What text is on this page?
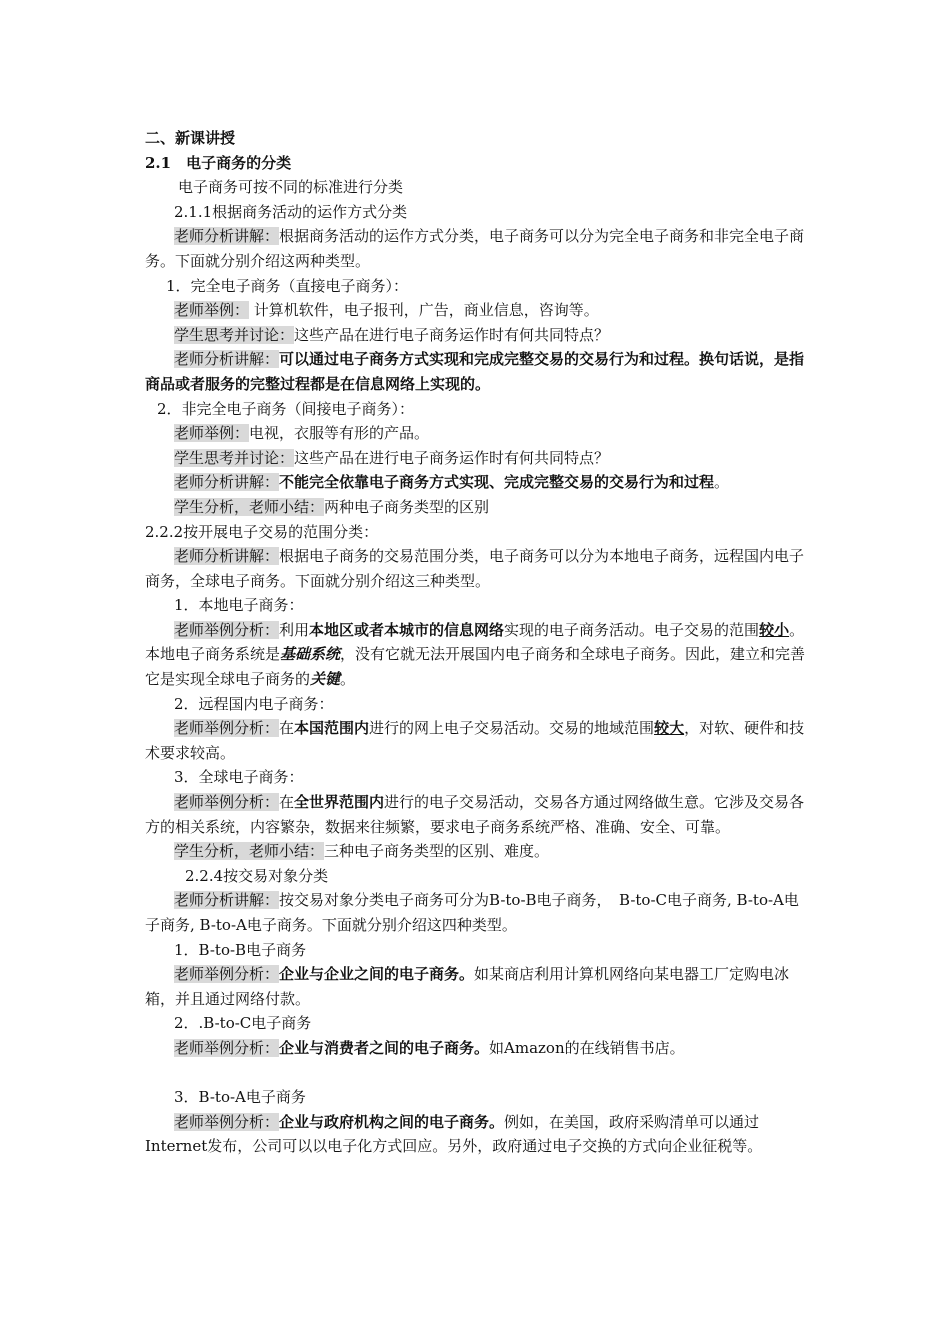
二、新课讲授

2.1　电子商务的分类

电子商务可按不同的标准进行分类

2.1.1根据商务活动的运作方式分类

老师分析讲解：根据商务活动的运作方式分类，电子商务可以分为完全电子商务和非完全电子商务。下面就分别介绍这两种类型。

1．完全电子商务（直接电子商务）：

老师举例： 计算机软件，电子报刊，广告，商业信息，咨询等。

学生思考并讨论：这些产品在进行电子商务运作时有何共同特点？

老师分析讲解：可以通过电子商务方式实现和完成完整交易的交易行为和过程。换句话说，是指商品或者服务的完整过程都是在信息网络上实现的。

2．非完全电子商务（间接电子商务）：

老师举例：电视，衣服等有形的产品。

学生思考并讨论：这些产品在进行电子商务运作时有何共同特点？

老师分析讲解：不能完全依靠电子商务方式实现、完成完整交易的交易行为和过程。

学生分析，老师小结：两种电子商务类型的区别

2.2.2按开展电子交易的范围分类：

老师分析讲解：根据电子商务的交易范围分类，电子商务可以分为本地电子商务，远程国内电子商务，全球电子商务。下面就分别介绍这三种类型。

1．本地电子商务：

老师举例分析：利用本地区或者本城市的信息网络实现的电子商务活动。电子交易的范围较小。本地电子商务系统是基础系统，没有它就无法开展国内电子商务和全球电子商务。因此，建立和完善它是实现全球电子商务的关键。

2．远程国内电子商务：

老师举例分析：在本国范围内进行的网上电子交易活动。交易的地域范围较大，对软、硬件和技术要求较高。

3．全球电子商务：

老师举例分析：在全世界范围内进行的电子交易活动，交易各方通过网络做生意。它涉及交易各方的相关系统，内容繁杂，数据来往频繁，要求电子商务系统严格、准确、安全、可靠。

学生分析，老师小结：三种电子商务类型的区别、难度。

2.2.4按交易对象分类

老师分析讲解：按交易对象分类电子商务可分为B-to-B电子商务，　B-to-C电子商务, B-to-A电子商务, B-to-A电子商务。下面就分别介绍这四种类型。

1．B-to-B电子商务

老师举例分析：企业与企业之间的电子商务。如某商店利用计算机网络向某电器工厂定购电冰箱，并且通过网络付款。

2．.B-to-C电子商务

老师举例分析：企业与消费者之间的电子商务。如Amazon的在线销售书店。

3．B-to-A电子商务

老师举例分析：企业与政府机构之间的电子商务。例如，在美国，政府采购清单可以通过Internet发布，公司可以以电子化方式回应。另外，政府通过电子交换的方式向企业征税等。
